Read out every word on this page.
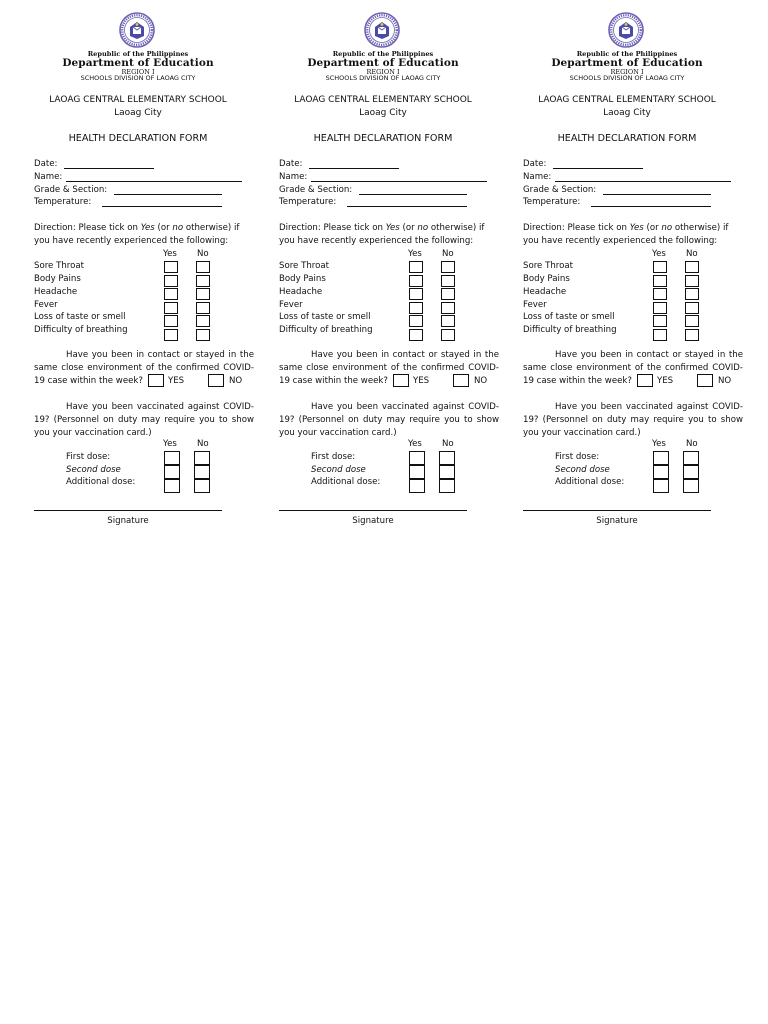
Republic of the Philippines
Department of Education
REGION I
SCHOOLS DIVISION OF LAOAG CITY
LAOAG CENTRAL ELEMENTARY SCHOOL
Laoag City
HEALTH DECLARATION FORM
Date:
Name:
Grade & Section:
Temperature:
Direction: Please tick on Yes (or no otherwise) if you have recently experienced the following:
Yes No
Sore Throat
Body Pains
Headache
Fever
Loss of taste or smell
Difficulty of breathing
Have you been in contact or stayed in the same close environment of the confirmed COVID-19 case within the week?	YES	NO
Have you been vaccinated against COVID-19? (Personnel on duty may require you to show you your vaccination card.)
Yes No
First dose:
Second dose
Additional dose:
Signature
Republic of the Philippines
Department of Education
REGION I
SCHOOLS DIVISION OF LAOAG CITY
LAOAG CENTRAL ELEMENTARY SCHOOL
Laoag City
HEALTH DECLARATION FORM
Date:
Name:
Grade & Section:
Temperature:
Direction: Please tick on Yes (or no otherwise) if you have recently experienced the following:
Yes No
Sore Throat
Body Pains
Headache
Fever
Loss of taste or smell
Difficulty of breathing
Have you been in contact or stayed in the same close environment of the confirmed COVID-19 case within the week?	YES	NO
Have you been vaccinated against COVID-19? (Personnel on duty may require you to show you your vaccination card.)
Yes No
First dose:
Second dose
Additional dose:
Signature
Republic of the Philippines
Department of Education
REGION I
SCHOOLS DIVISION OF LAOAG CITY
LAOAG CENTRAL ELEMENTARY SCHOOL
Laoag City
HEALTH DECLARATION FORM
Date:
Name:
Grade & Section:
Temperature:
Direction: Please tick on Yes (or no otherwise) if you have recently experienced the following:
Yes No
Sore Throat
Body Pains
Headache
Fever
Loss of taste or smell
Difficulty of breathing
Have you been in contact or stayed in the same close environment of the confirmed COVID-19 case within the week?	YES	NO
Have you been vaccinated against COVID-19? (Personnel on duty may require you to show you your vaccination card.)
Yes No
First dose:
Second dose
Additional dose:
Signature
